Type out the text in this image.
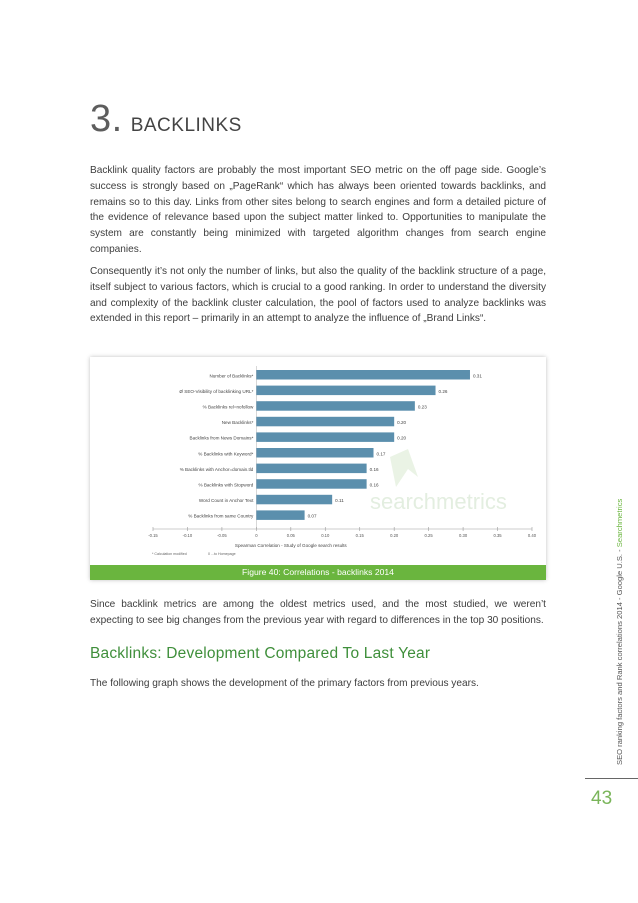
3. BACKLINKS
Backlink quality factors are probably the most important SEO metric on the off page side. Google’s success is strongly based on „PageRank“ which has always been oriented towards backlinks, and remains so to this day. Links from other sites belong to search engines and form a detailed picture of the evidence of relevance based upon the subject matter linked to. Opportunities to manipulate the system are constantly being minimized with targeted algorithm changes from search engine companies.
Consequently it’s not only the number of links, but also the quality of the backlink structure of a page, itself subject to various factors, which is crucial to a good ranking. In order to understand the diversity and complexity of the backlink cluster calculation, the pool of factors used to analyze backlinks was extended in this report – primarily in an attempt to analyze the influence of „Brand Links“.
searchmetrics
Number of Backlinks*	0.31
Ø SEO-Visibility of backlinking URL*	0.26
% Backlinks rel=nofollow	0.23
New Backlinks*	0.20
Backlinks from News Domains*	0.20
% Backlinks with Keyword*	0.17
% Backlinks with Anchor=domain.tld	0.16
% Backlinks with Stopword	0.16
Word Count in Anchor Text	0.11
% Backlinks from same Country	0.07
-0.15	-0.10	-0.05	0	0.05	0.10	0.15	0.20	0.25	0.30	0.35	0.40
Spearman Correlation - Study of Google search results
* Calculation modified	0 ...to Homepage
Figure 40: Correlations - backlinks 2014
Since backlink metrics are among the oldest metrics used, and the most studied, we weren’t expecting to see big changes from the previous year with regard to differences in the top 30 positions.
Backlinks: Development Compared To Last Year
The following graph shows the development of the primary factors from previous years.	SEO ranking factors and Rank correlations 2014 - Google U.S. - Searchmetrics
43
